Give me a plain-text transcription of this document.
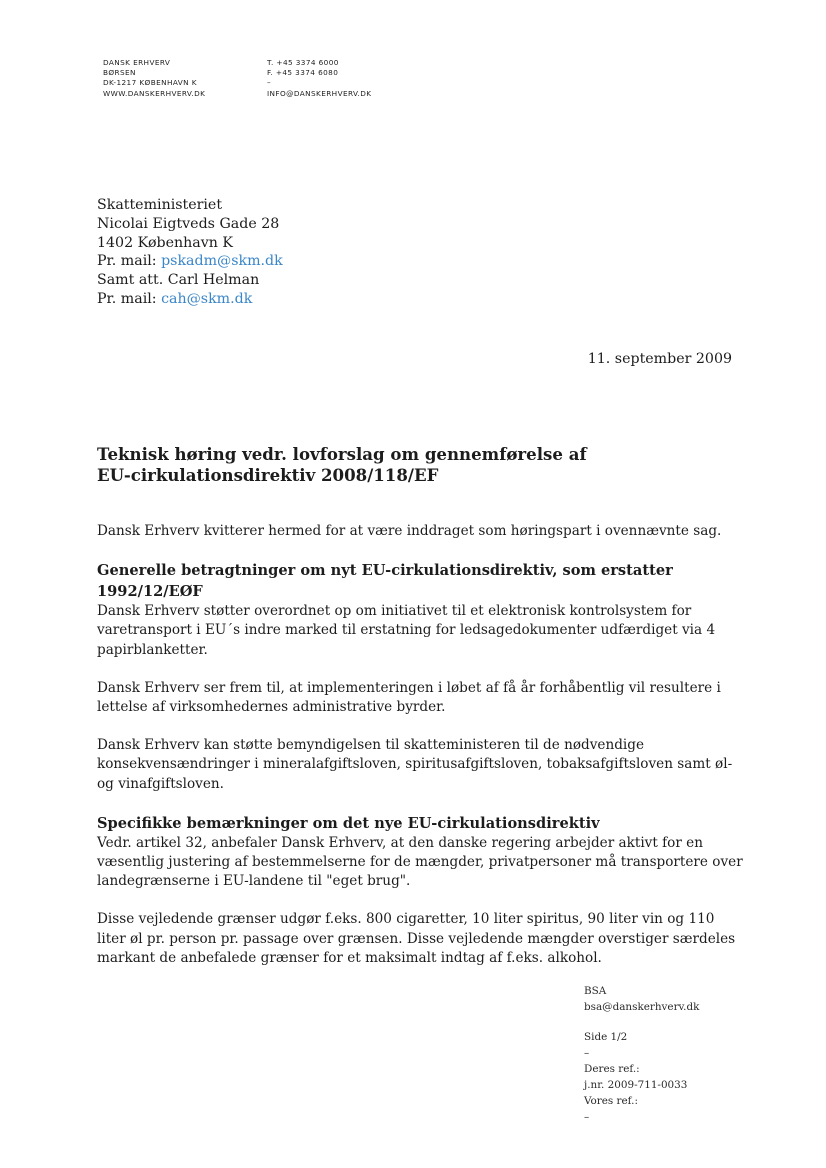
DANSK ERHVERV
BØRSEN
DK-1217 KØBENHAVN K
WWW.DANSKERHVERV.DK
T. +45 3374 6000
F. +45 3374 6080
–
INFO@DANSKERHVERV.DK
Skatteministeriet
Nicolai Eigtveds Gade 28
1402 København K
Pr. mail: pskadm@skm.dk
Samt att. Carl Helman
Pr. mail: cah@skm.dk
11. september 2009
Teknisk høring vedr. lovforslag om gennemførelse af EU-cirkulationsdirektiv 2008/118/EF

Dansk Erhverv kvitterer hermed for at være inddraget som høringspart i ovennævnte sag.

Generelle betragtninger om nyt EU-cirkulationsdirektiv, som erstatter 1992/12/EØF

Dansk Erhverv støtter overordnet op om initiativet til et elektronisk kontrolsystem for varetransport i EU´s indre marked til erstatning for ledsagedokumenter udfærdiget via 4 papirblanketter.

Dansk Erhverv ser frem til, at implementeringen i løbet af få år forhåbentlig vil resultere i lettelse af virksomhedernes administrative byrder.

Dansk Erhverv kan støtte bemyndigelsen til skatteministeren til de nødvendige konsekvensændringer i mineralafgiftsloven, spiritusafgiftsloven, tobaksafgiftsloven samt øl- og vinafgiftsloven.

Specifikke bemærkninger om det nye EU-cirkulationsdirektiv

Vedr. artikel 32, anbefaler Dansk Erhverv, at den danske regering arbejder aktivt for en væsentlig justering af bestemmelserne for de mængder, privatpersoner må transportere over landegrænserne i EU-landene til "eget brug".

Disse vejledende grænser udgør f.eks. 800 cigaretter, 10 liter spiritus, 90 liter vin og 110 liter øl pr. person pr. passage over grænsen. Disse vejledende mængder overstiger særdeles markant de anbefalede grænser for et maksimalt indtag af f.eks. alkohol.

BSA
bsa@danskerhverv.dk
Side 1/2
–
Deres ref.:
j.nr. 2009-711-0033
Vores ref.:
–
